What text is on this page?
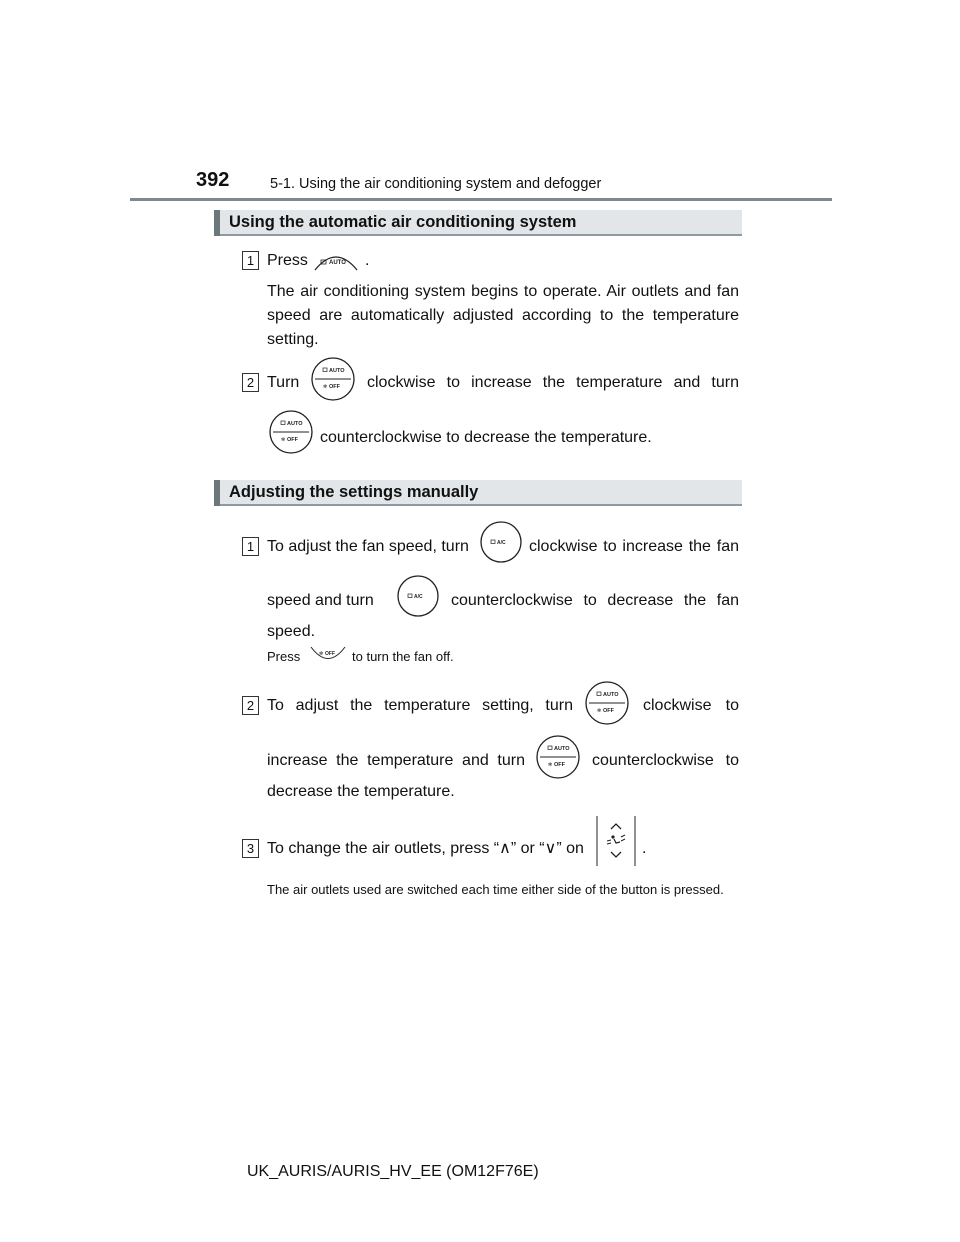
392	5-1. Using the air conditioning system and defogger
Using the automatic air conditioning system
1 Press	AUTO .
The air conditioning system begins to operate. Air outlets and fan speed are automatically adjusted according to the temperature setting.
2 Turn
AUTO
✻ OFF clockwise to increase the temperature and turn
AUTO
✻ OFF counterclockwise to decrease the temperature.
Adjusting the settings manually
1 To adjust the fan speed, turn	A/C clockwise to increase the fan
speed and turn	A/C counterclockwise to decrease the fan
speed.
Press	✻ OFF to turn the fan off.
2 To adjust the temperature setting, turn
AUTO
✻ OFF clockwise to
increase the temperature and turn
AUTO
✻ OFF counterclockwise to
decrease the temperature.
3 To change the air outlets, press “∧” or “∨” on	.
The air outlets used are switched each time either side of the button is pressed.
UK_AURIS/AURIS_HV_EE (OM12F76E)
